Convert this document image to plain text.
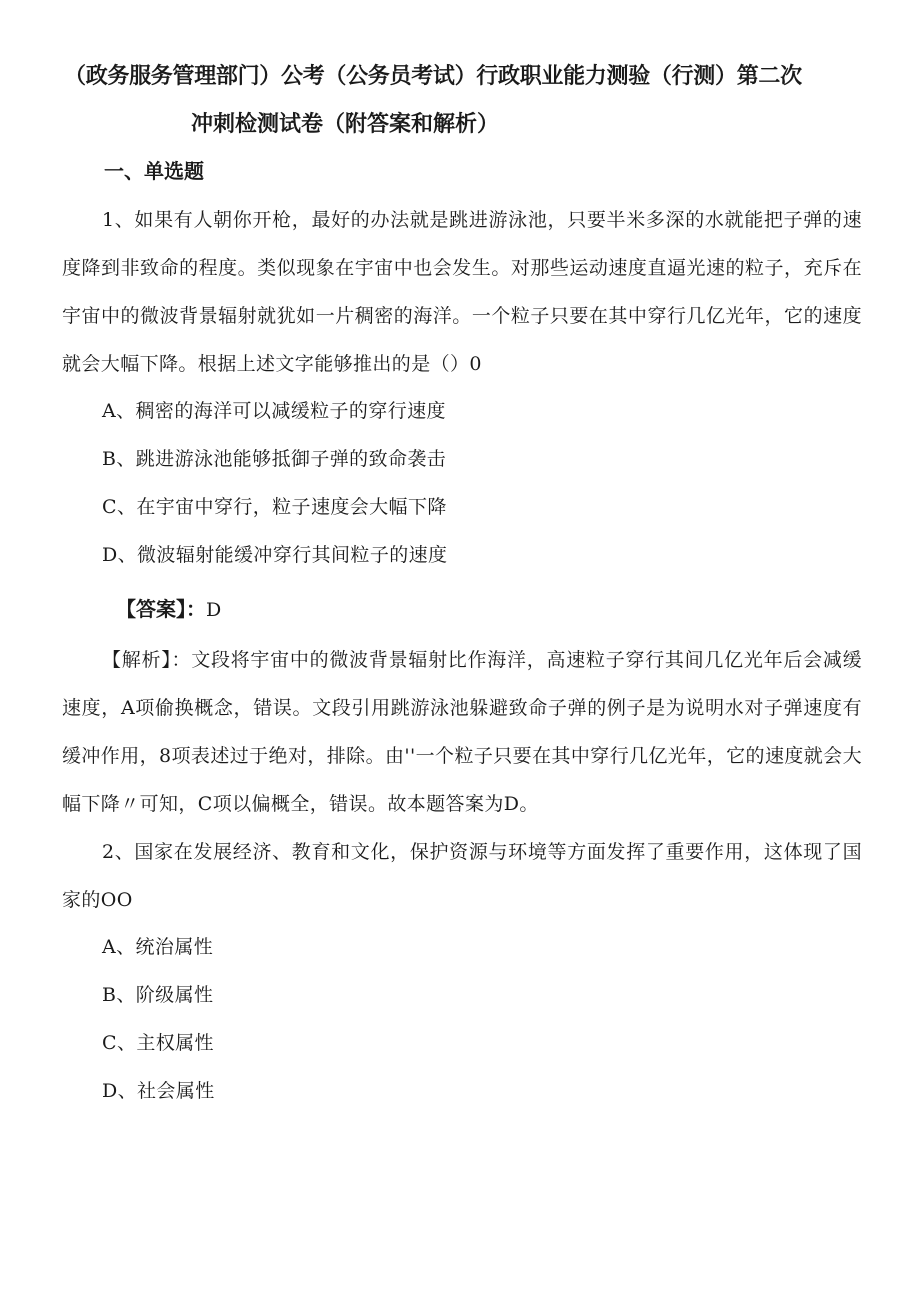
（政务服务管理部门）公考（公务员考试）行政职业能力测验（行测）第二次
冲刺检测试卷（附答案和解析）
一、单选题
1、如果有人朝你开枪，最好的办法就是跳进游泳池，只要半米多深的水就能把子弹的速度降到非致命的程度。类似现象在宇宙中也会发生。对那些运动速度直逼光速的粒子，充斥在宇宙中的微波背景辐射就犹如一片稠密的海洋。一个粒子只要在其中穿行几亿光年，它的速度就会大幅下降。根据上述文字能够推出的是（）0
A、稠密的海洋可以减缓粒子的穿行速度
B、跳进游泳池能够抵御子弹的致命袭击
C、在宇宙中穿行，粒子速度会大幅下降
D、微波辐射能缓冲穿行其间粒子的速度
【答案】：D
【解析】：文段将宇宙中的微波背景辐射比作海洋，高速粒子穿行其间几亿光年后会减缓速度，A项偷换概念，错误。文段引用跳游泳池躲避致命子弹的例子是为说明水对子弹速度有缓冲作用，8项表述过于绝对，排除。由''一个粒子只要在其中穿行几亿光年，它的速度就会大幅下降〃可知，C项以偏概全，错误。故本题答案为D。
2、国家在发展经济、教育和文化，保护资源与环境等方面发挥了重要作用，这体现了国家的OO
A、统治属性
B、阶级属性
C、主权属性
D、社会属性
